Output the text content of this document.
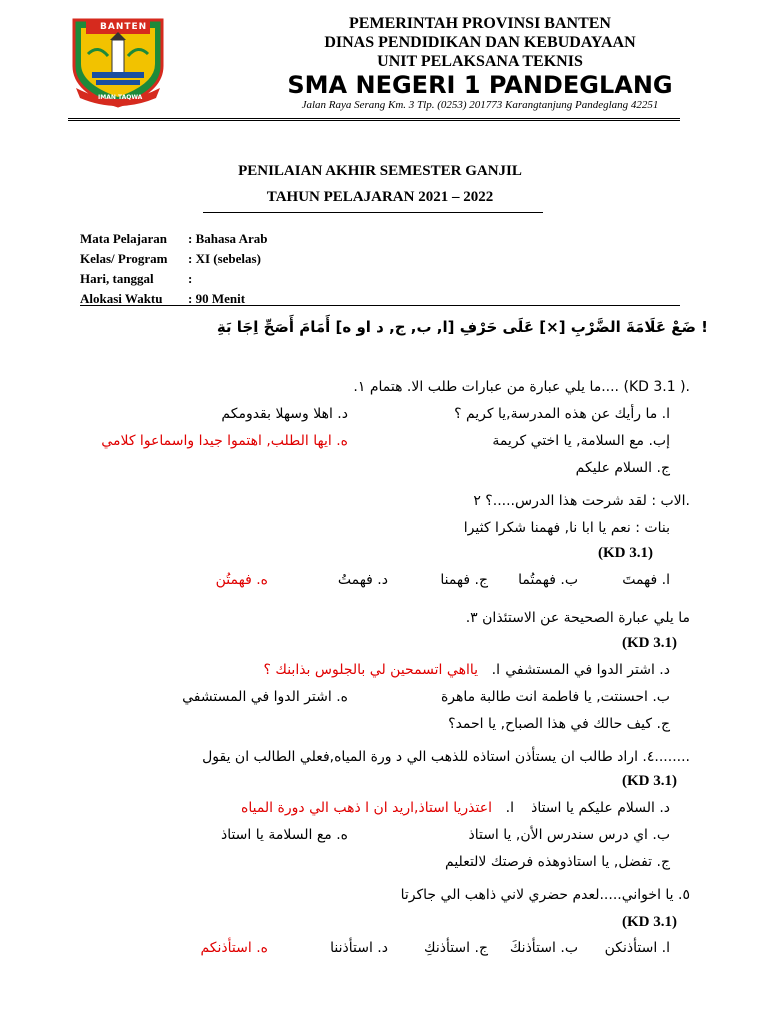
BANTEN
IMAN TAQWA
PEMERINTAH PROVINSI BANTEN
DINAS PENDIDIKAN DAN KEBUDAYAAN
UNIT PELAKSANA TEKNIS
SMA NEGERI 1 PANDEGLANG
Jalan Raya Serang Km. 3 Tlp. (0253) 201773 Karangtanjung Pandeglang 42251
PENILAIAN AKHIR SEMESTER GANJIL
TAHUN PELAJARAN 2021 – 2022
Mata Pelajaran	: Bahasa Arab
Kelas/ Program	: XI (sebelas)
Hari, tanggal	:
Alokasi Waktu	: 90 Menit
! ضَعْ عَلَامَةَ الضَّرْبِ [×] عَلَى حَرْفِ [ا, ب, ج, د او ه] أَمَامَ أَصَحِّ اِجَا بَةِ
.( KD 3.1) ....ما يلي عبارة من عبارات طلب الا. هتمام ١.
ا. ما رأيك عن هذه المدرسة,يا كريم ؟
د. اهلا وسهلا بقدومكم
إب. مع السلامة, يا اختي كريمة
ه. ايها الطلب, اهتموا جيدا واسماعوا كلامي
ج. السلام عليكم
.الاب : لقد شرحت هذا الدرس.....؟ ٢
بنات : نعم يا ابا نا, فهمنا شكرا كثيرا
(KD 3.1)
ا. فهمتَ
ب. فهمتُما
ج. فهمنا
د. فهمتُ
ه. فهمتُن
ما يلي عبارة الصحيحة عن الاستئذان ٣.
(KD 3.1)
د. اشتر الدوا في المستشفي
ا.
يااهي اتسمحين لي بالجلوس بذابنك ؟
ب. احسنتت, يا فاطمة انت طالبة ماهرة
ه. اشتر الدوا في المستشفي
ج. كيف حالك في هذا الصباح, يا احمد؟
........٤. اراد طالب ان يستأذن استاذه للذهب الي د ورة المياه,فعلي الطالب ان يقول
(KD 3.1)
د. السلام عليكم يا استاذ
ا.
اعتذريا استاذ,اريد ان ا ذهب الي دورة المياه
ب. اي درس سندرس الأن, يا استاذ
ه. مع السلامة يا استاذ
ج. تفضل, يا استاذوهذه فرصتك لالتعليم
٥. يا اخواني.....لعدم حضري لاني ذاهب الي جاكرتا
(KD 3.1)
ا. استأذنكن
ب. استأذنكَ
ج. استأذنكِ
د. استأذننا
ه. استأذنكم
